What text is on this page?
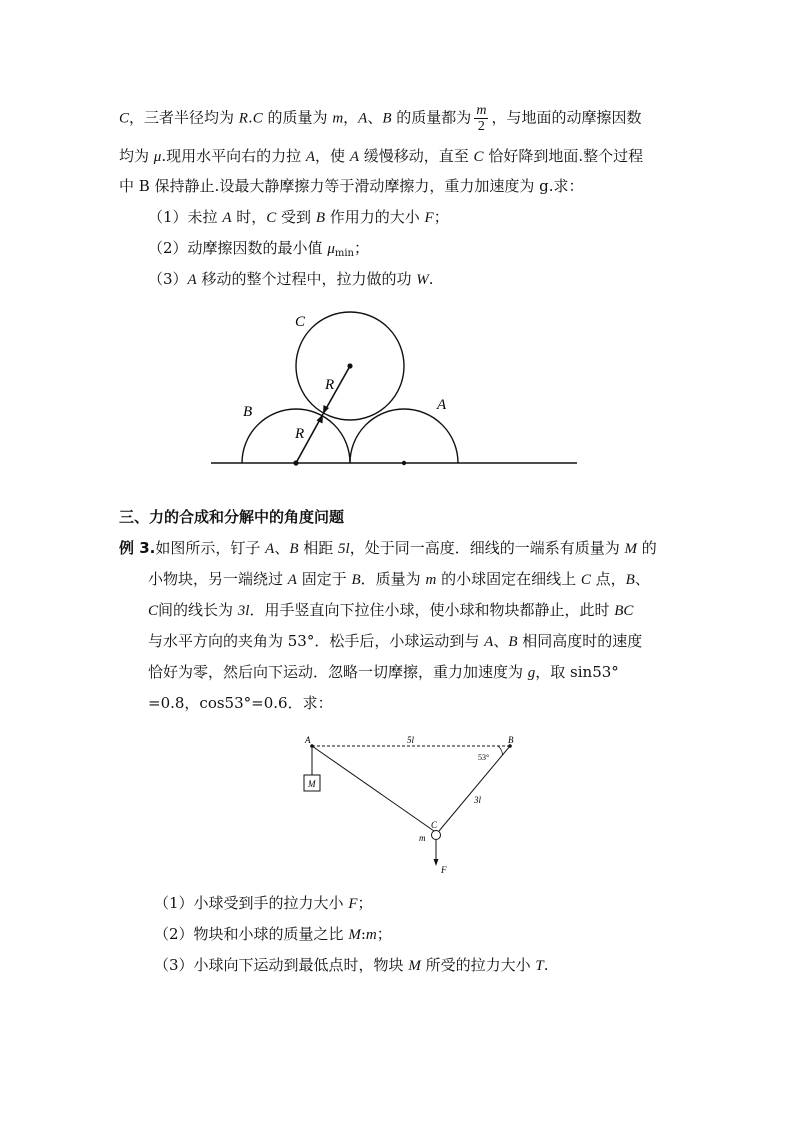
C，三者半径均为 R.C 的质量为 m，A、B 的质量都为 $\frac{m}{2}$ ，与地面的动摩擦因数
均为 μ.现用水平向右的力拉 A，使 A 缓慢移动，直至 C 恰好降到地面.整个过程
中 B 保持静止.设最大静摩擦力等于滑动摩擦力，重力加速度为 g.求：
（1）未拉 A 时，C 受到 B 作用力的大小 F；
（2）动摩擦因数的最小值 $\mu_{min}$；
（3）A 移动的整个过程中，拉力做的功 W.
C
B	A
R
R
三、力的合成和分解中的角度问题
例 3.如图所示，钉子 A、B 相距 5l，处于同一高度．细线的一端系有质量为 M 的
小物块，另一端绕过 A 固定于 B．质量为 m 的小球固定在细线上 C 点，B、
C间的线长为 3l．用手竖直向下拉住小球，使小球和物块都静止，此时 BC
与水平方向的夹角为 53°．松手后，小球运动到与 A、B 相同高度时的速度
恰好为零，然后向下运动．忽略一切摩擦，重力加速度为 g，取 sin53°
=0.8，cos53°=0.6．求：
A	B
5l
53°
M
3l
C
m
F
（1）小球受到手的拉力大小 F；
（2）物块和小球的质量之比 M:m；
（3）小球向下运动到最低点时，物块 M 所受的拉力大小 T.
